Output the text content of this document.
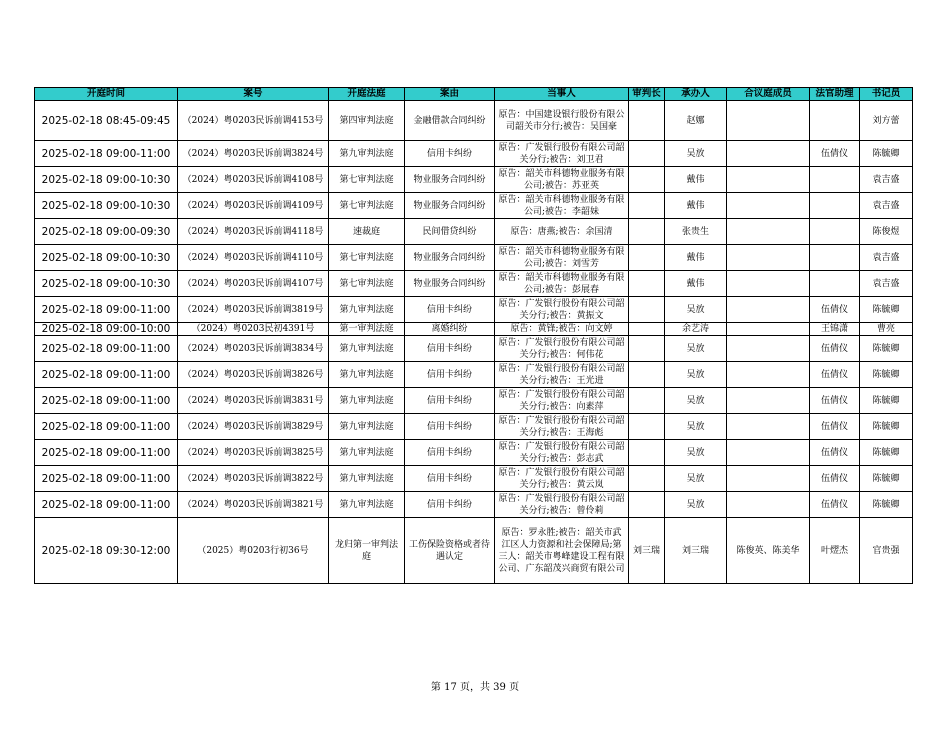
开庭时间	案号	开庭法庭	案由	当事人	审判长	承办人	合议庭成员	法官助理	书记员
2025-02-18 08:45-09:45	（2024）粤0203民诉前调4153号	第四审判法庭	金融借款合同纠纷	原告：中国建设银行股份有限公司韶关市分行;被告：吴国豪		赵娜			刘方蕾
2025-02-18 09:00-11:00	（2024）粤0203民诉前调3824号	第九审判法庭	信用卡纠纷	原告：广发银行股份有限公司韶关分行;被告：刘卫君		吴放		伍倩仪	陈毓卿
2025-02-18 09:00-10:30	（2024）粤0203民诉前调4108号	第七审判法庭	物业服务合同纠纷	原告：韶关市科德物业服务有限公司;被告：苏亚英		戴伟			袁吉盛
2025-02-18 09:00-10:30	（2024）粤0203民诉前调4109号	第七审判法庭	物业服务合同纠纷	原告：韶关市科德物业服务有限公司;被告：李韶妹		戴伟			袁吉盛
2025-02-18 09:00-09:30	（2024）粤0203民诉前调4118号	速裁庭	民间借贷纠纷	原告：唐燕;被告：余国清		张贵生			陈俊煜
2025-02-18 09:00-10:30	（2024）粤0203民诉前调4110号	第七审判法庭	物业服务合同纠纷	原告：韶关市科德物业服务有限公司;被告：刘雪芳		戴伟			袁吉盛
2025-02-18 09:00-10:30	（2024）粤0203民诉前调4107号	第七审判法庭	物业服务合同纠纷	原告：韶关市科德物业服务有限公司;被告：彭展春		戴伟			袁吉盛
2025-02-18 09:00-11:00	（2024）粤0203民诉前调3819号	第九审判法庭	信用卡纠纷	原告：广发银行股份有限公司韶关分行;被告：黄振文		吴放		伍倩仪	陈毓卿
2025-02-18 09:00-10:00	（2024）粤0203民初4391号	第一审判法庭	离婚纠纷	原告：黄锋;被告：向文婷		余艺涛		王锦潇	曹亮
2025-02-18 09:00-11:00	（2024）粤0203民诉前调3834号	第九审判法庭	信用卡纠纷	原告：广发银行股份有限公司韶关分行;被告：何伟花		吴放		伍倩仪	陈毓卿
2025-02-18 09:00-11:00	（2024）粤0203民诉前调3826号	第九审判法庭	信用卡纠纷	原告：广发银行股份有限公司韶关分行;被告：王光进		吴放		伍倩仪	陈毓卿
2025-02-18 09:00-11:00	（2024）粤0203民诉前调3831号	第九审判法庭	信用卡纠纷	原告：广发银行股份有限公司韶关分行;被告：向素萍		吴放		伍倩仪	陈毓卿
2025-02-18 09:00-11:00	（2024）粤0203民诉前调3829号	第九审判法庭	信用卡纠纷	原告：广发银行股份有限公司韶关分行;被告：王海彪		吴放		伍倩仪	陈毓卿
2025-02-18 09:00-11:00	（2024）粤0203民诉前调3825号	第九审判法庭	信用卡纠纷	原告：广发银行股份有限公司韶关分行;被告：彭志武		吴放		伍倩仪	陈毓卿
2025-02-18 09:00-11:00	（2024）粤0203民诉前调3822号	第九审判法庭	信用卡纠纷	原告：广发银行股份有限公司韶关分行;被告：黄云岚		吴放		伍倩仪	陈毓卿
2025-02-18 09:00-11:00	（2024）粤0203民诉前调3821号	第九审判法庭	信用卡纠纷	原告：广发银行股份有限公司韶关分行;被告：曾伶莉		吴放		伍倩仪	陈毓卿
2025-02-18 09:30-12:00	（2025）粤0203行初36号	龙归第一审判法庭	工伤保险资格或者待遇认定	原告：罗永胜;被告：韶关市武江区人力资源和社会保障局;第三人：韶关市粤峰建设工程有限公司、广东韶茂兴商贸有限公司	刘三瑞	刘三瑞	陈俊英、陈美华	叶熤杰	官贵强
第 17 页，共 39 页
